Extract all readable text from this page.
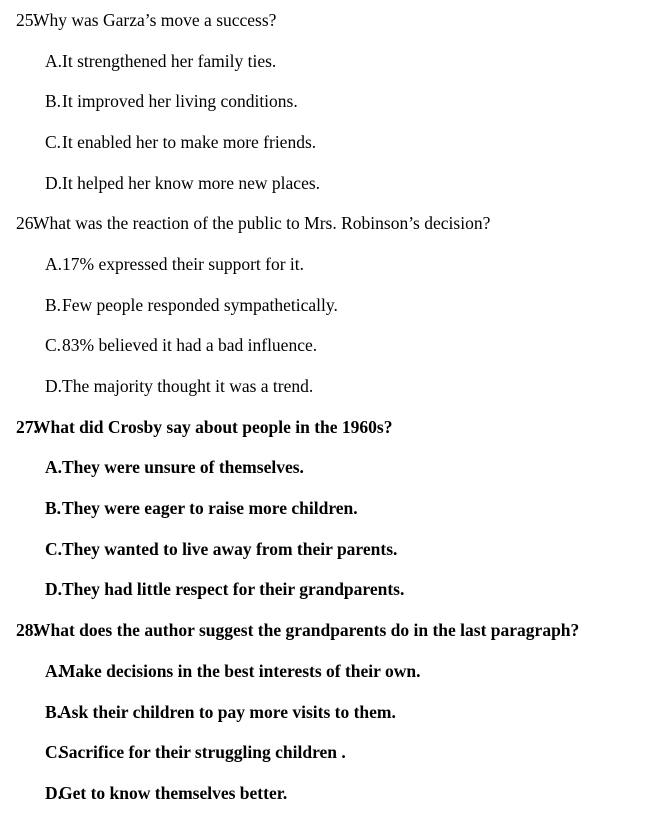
25.
Why was Garza’s move a success?
A. It strengthened her family ties.
B. It improved her living conditions.
C. It enabled her to make more friends.
D. It helped her know more new places.
26.
What was the reaction of the public to Mrs. Robinson’s decision?
A. 17% expressed their support for it.
B. Few people responded sympathetically.
C. 83% believed it had a bad influence.
D. The majority thought it was a trend.
27.
What did Crosby say about people in the 1960s?
A. They were unsure of themselves.
B. They were eager to raise more children.
C. They wanted to live away from their parents.
D. They had little respect for their grandparents.
28.
What does the author suggest the grandparents do in the last paragraph?
A.
Make decisions in the best interests of their own.
B.
Ask their children to pay more visits to them.
C.
Sacrifice for their struggling children .
D.
Get to know themselves better.
